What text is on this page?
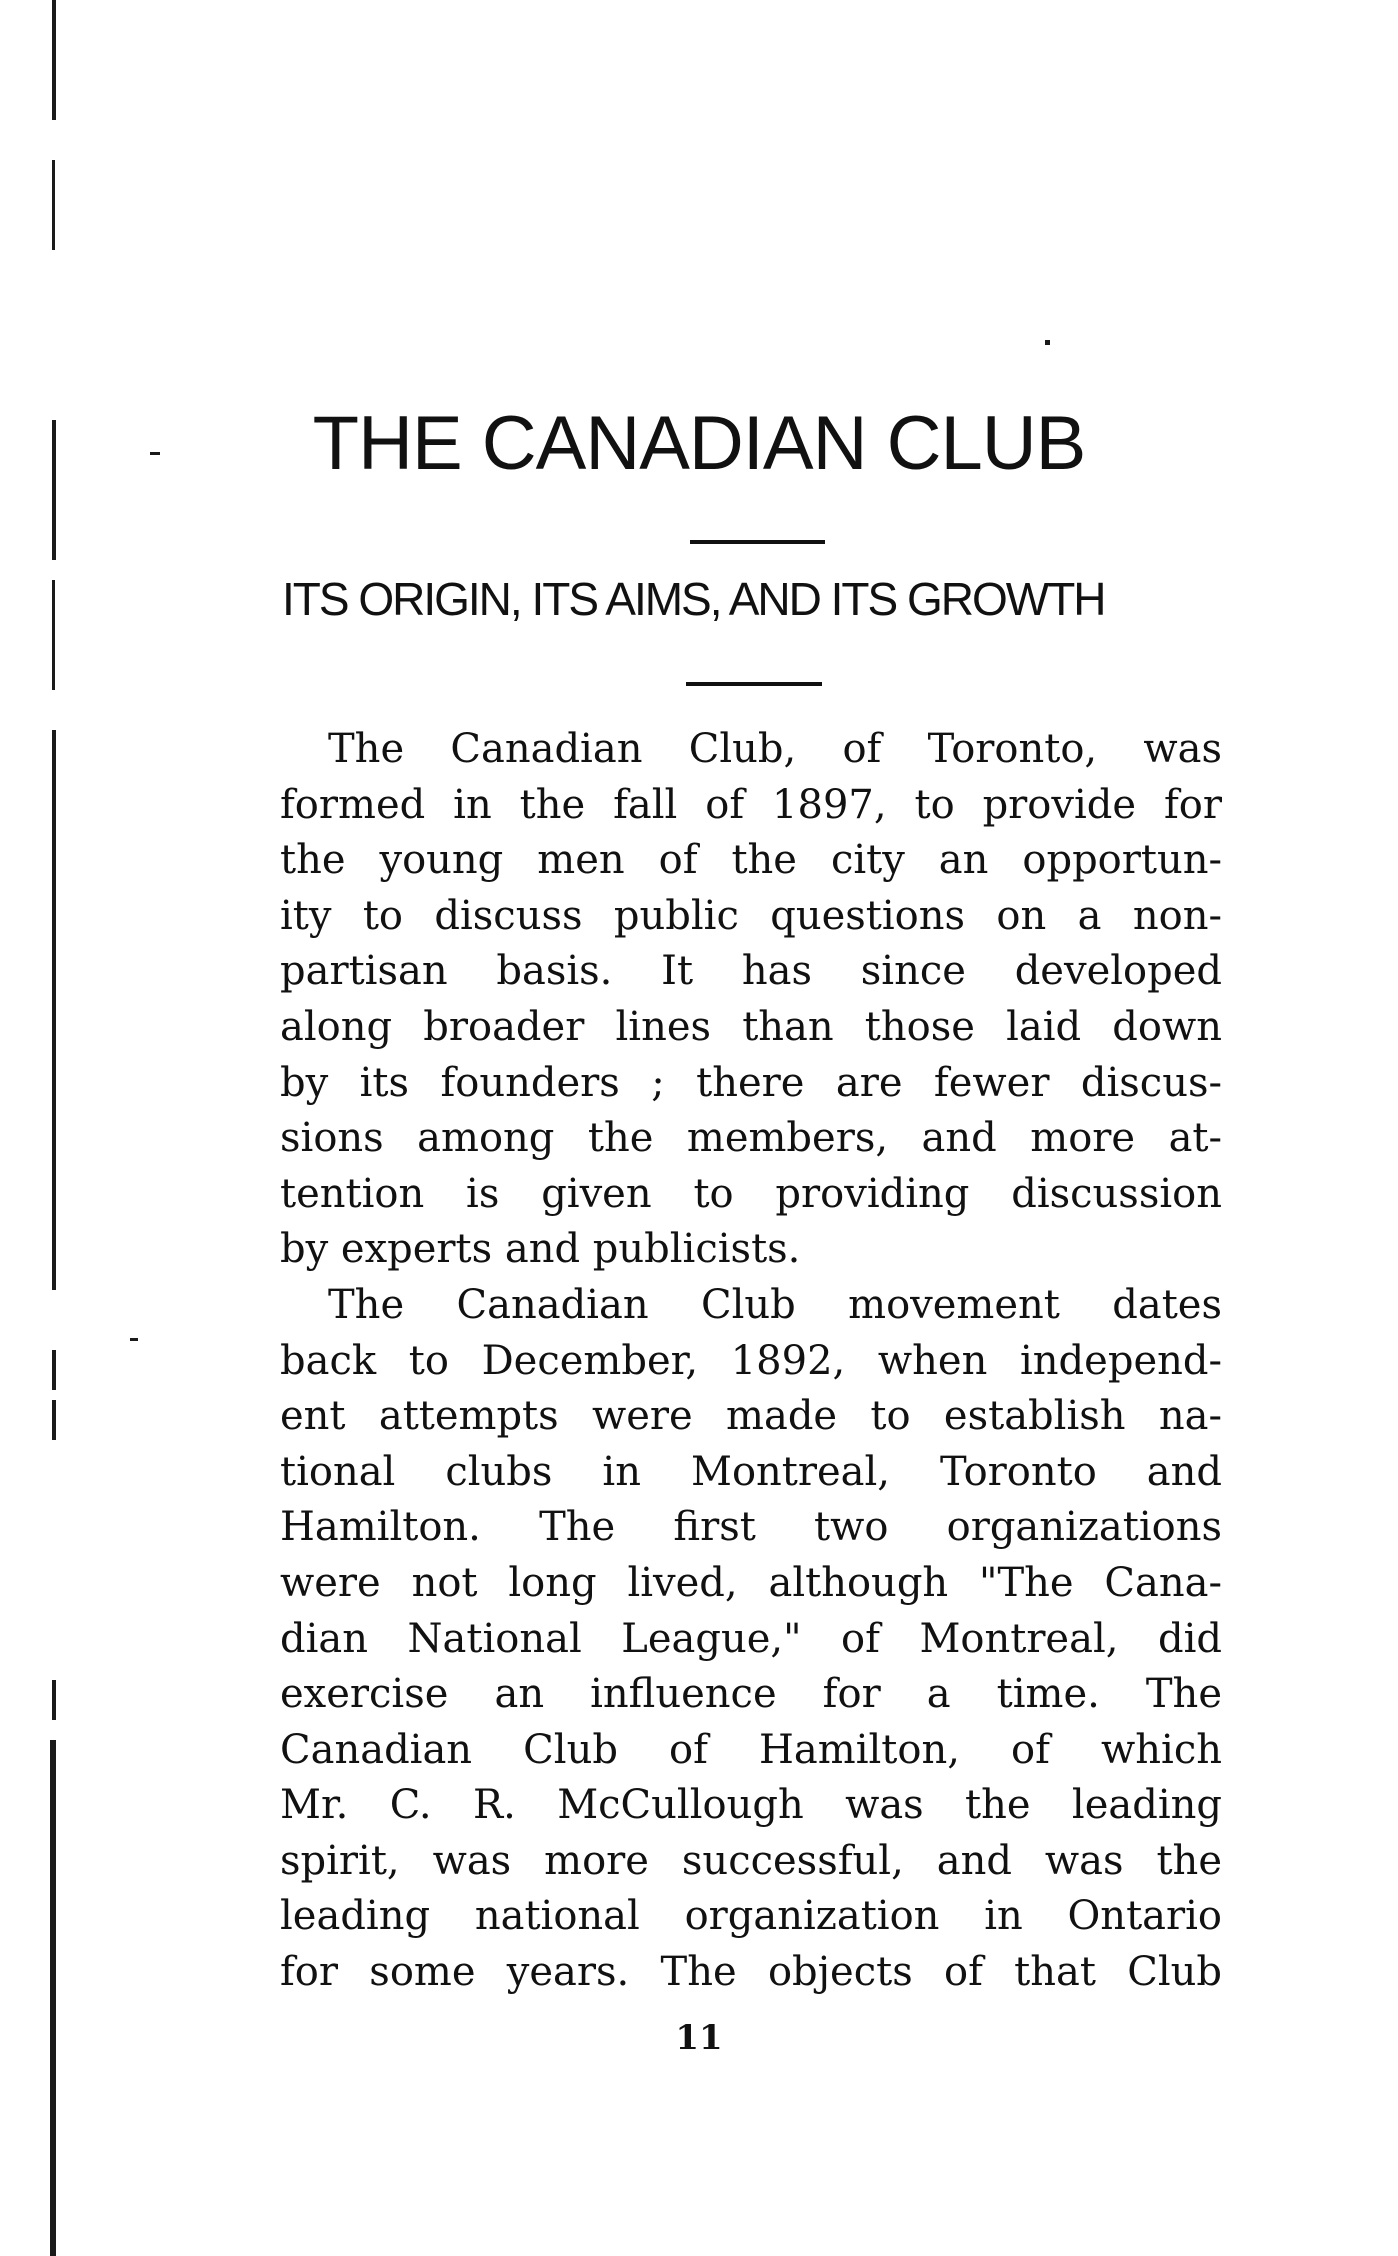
THE CANADIAN CLUB
ITS ORIGIN, ITS AIMS, AND ITS GROWTH
The Canadian Club, of Toronto, was
formed in the fall of 1897, to provide for
the young men of the city an opportun-
ity to discuss public questions on a non-
partisan basis. It has since developed
along broader lines than those laid down
by its founders ; there are fewer discus-
sions among the members, and more at-
tention is given to providing discussion
by experts and publicists.
The Canadian Club movement dates
back to December, 1892, when independ-
ent attempts were made to establish na-
tional clubs in Montreal, Toronto and
Hamilton. The first two organizations
were not long lived, although "The Cana-
dian National League," of Montreal, did
exercise an influence for a time. The
Canadian Club of Hamilton, of which
Mr. C. R. McCullough was the leading
spirit, was more successful, and was the
leading national organization in Ontario
for some years. The objects of that Club
11
